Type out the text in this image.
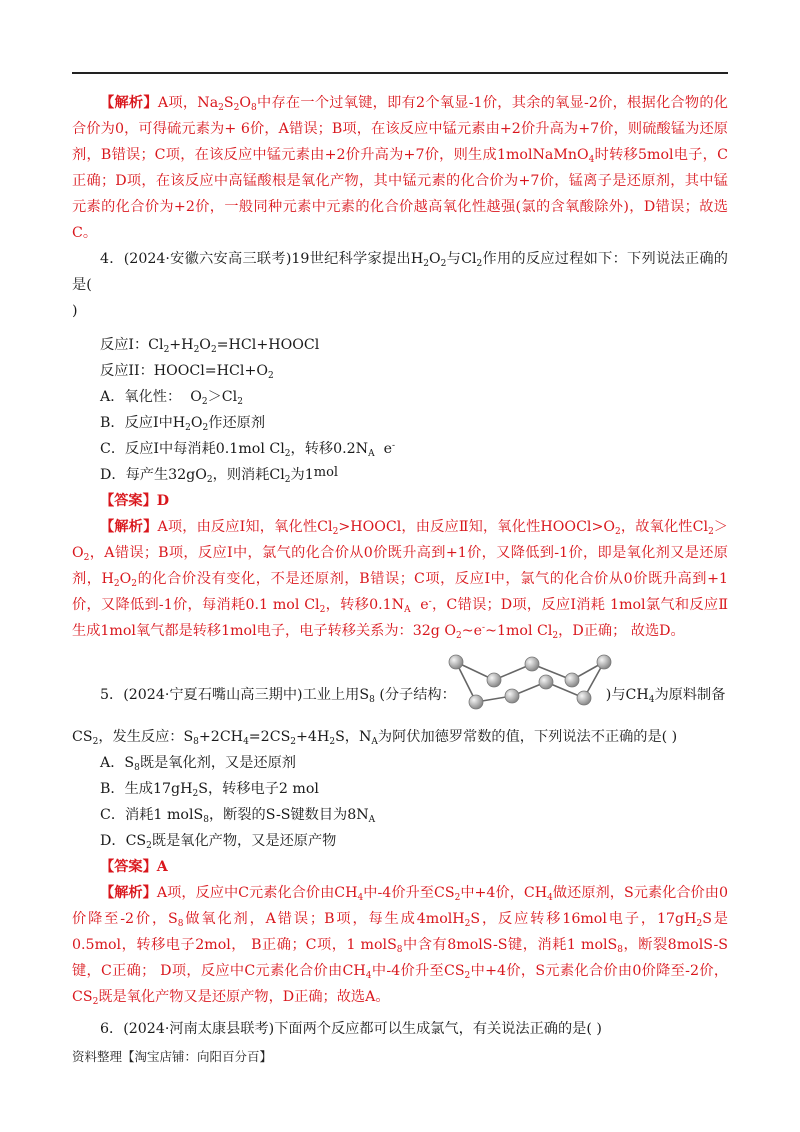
【解析】A项，$Na_2S_2O_8$中存在一个过氧键，即有2个氧显-1价，其余的氧显-2价，根据化合物的化合价为0，可得硫元素为+ 6价，A错误；B项，在该反应中锰元素由+2价升高为+7价，则硫酸锰为还原剂，B错误；C项，在该反应中锰元素由+2价升高为+7价，则生成1molNaMnO$_4$时转移5mol电子，C正确；D项，在该反应中高锰酸根是氧化产物，其中锰元素的化合价为+7价，锰离子是还原剂，其中锰元素的化合价为+2价，一般同种元素中元素的化合价越高氧化性越强(氯的含氧酸除外)，D错误；故选C。

4．(2024·安徽六安高三联考)19世纪科学家提出$H_2O_2$与$Cl_2$作用的反应过程如下：下列说法正确的是(
)

反应I：$Cl_2+H_2O_2=HCl+HOOCl$

反应II：$HOOCl=HCl+O_2$

A．氧化性： $O_2>Cl_2$

B．反应I中$H_2O_2$作还原剂

C．反应I中每消耗0.1mol $Cl_2$，转移$0.2N_A$ e-

D．每产生$32gO_2$，则消耗$Cl_2$为$1^{mol}$

【答案】D

【解析】A项，由反应Ⅰ知，氧化性$Cl_2>HOOCl$，由反应Ⅱ知，氧化性$HOOCl>O_2$，故氧化性$Cl_2>O_2$，A错误；B项，反应Ⅰ中，氯气的化合价从0价既升高到+1价，又降低到-1价，即是氧化剂又是还原剂，$H_2O_2$的化合价没有变化，不是还原剂，B错误；C项，反应Ⅰ中，氯气的化合价从0价既升高到+1价，又降低到-1价，每消耗0.1 mol $Cl_2$，转移$0.1N_A$ e-，C错误；D项，反应Ⅰ消耗 1mol氯气和反应Ⅱ生成1mol氧气都是转移1mol电子，电子转移关系为：32g $O_2\sim e^-\sim 1mol$ $Cl_2$，D正确； 故选D。

5．(2024·宁夏石嘴山高三期中)工业上用$S_8$ (分子结构：	)与$CH_4$为原料制备

$CS_2$，发生反应：$S_8+2CH_4=2CS_2+4H_2S$，$N_A$为阿伏加德罗常数的值，下列说法不正确的是( )

A．$S_8$既是氧化剂，又是还原剂

B．生成$17gH_2S$，转移电子2 mol

C．消耗1 molS$_8$，断裂的S-S键数目为$8N_A$

D．$CS_2$既是氧化产物，又是还原产物

【答案】A

【解析】A项，反应中C元素化合价由$CH_4$中-4价升至$CS_2$中+4价，$CH_4$做还原剂，S元素化合价由0价降至-2价，$S_8$做氧化剂，A错误；B项，每生成4molH$_2$S，反应转移16mol电子，$17gH_2S$是0.5mol，转移电子2mol， B正确；C项，1 molS$_8$中含有8molS-S键，消耗1 molS$_8$，断裂8molS-S键，C正确； D项，反应中C元素化合价由$CH_4$中-4价升至$CS_2$中+4价，S元素化合价由0价降至-2价，$CS_2$既是氧化产物又是还原产物，D正确；故选A。

6．(2024·河南太康县联考)下面两个反应都可以生成氯气，有关说法正确的是( )

资料整理【淘宝店铺：向阳百分百】
